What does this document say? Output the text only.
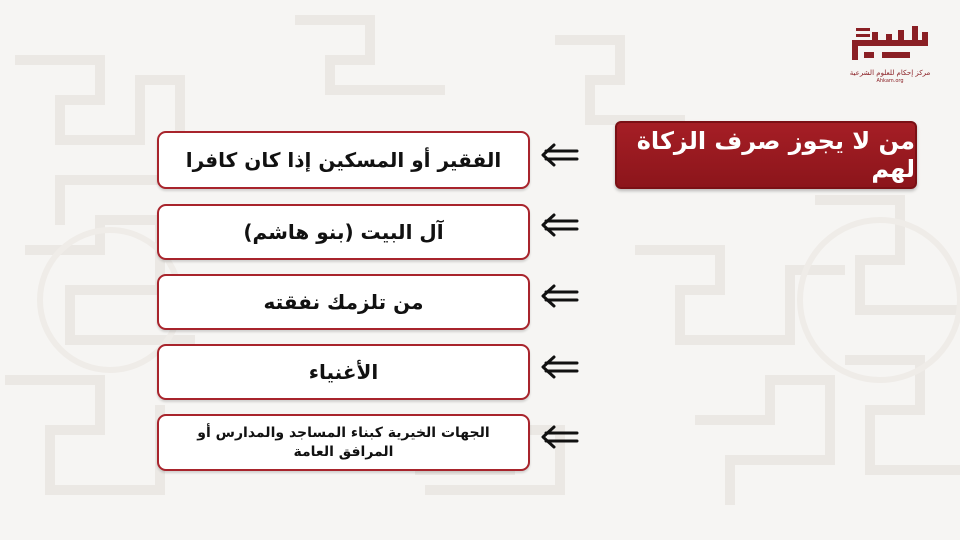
مركز إحكام للعلوم الشرعية
Ahkam.org
من لا يجوز صرف الزكاة لهم
الفقير أو المسكين إذا كان كافرا
آل البيت (بنو هاشم)
من تلزمك نفقته
الأغنياء
الجهات الخيرية كبناء المساجد والمدارس أو المرافق العامة
